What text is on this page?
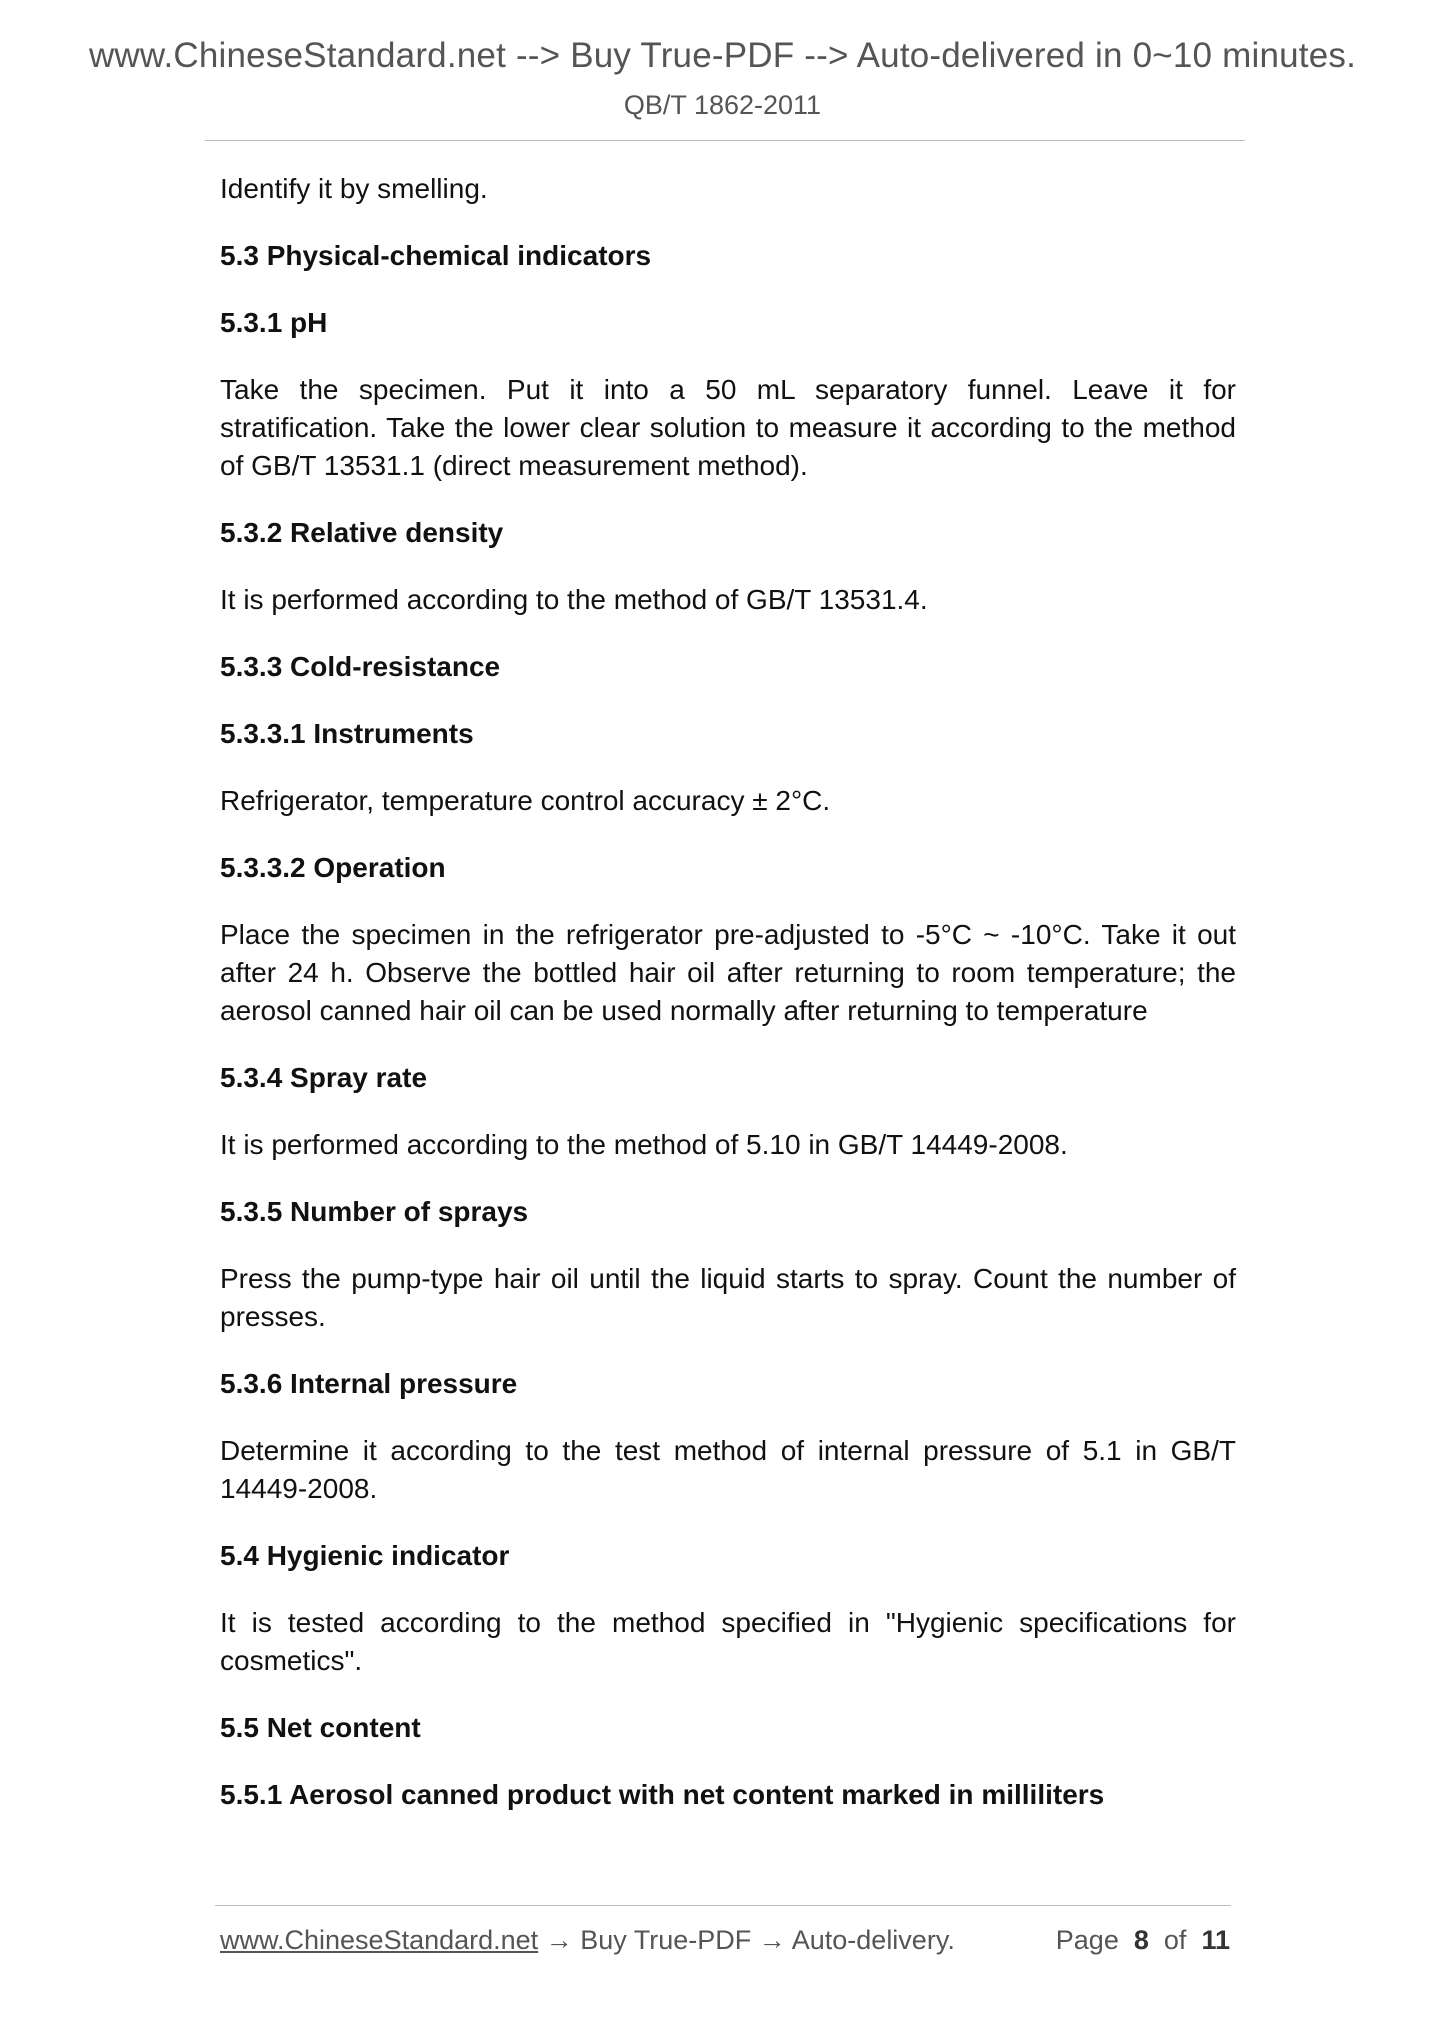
www.ChineseStandard.net --> Buy True-PDF --> Auto-delivered in 0~10 minutes.
QB/T 1862-2011
Identify it by smelling.
5.3 Physical-chemical indicators
5.3.1 pH
Take the specimen. Put it into a 50 mL separatory funnel. Leave it for stratification. Take the lower clear solution to measure it according to the method of GB/T 13531.1 (direct measurement method).
5.3.2 Relative density
It is performed according to the method of GB/T 13531.4.
5.3.3 Cold-resistance
5.3.3.1 Instruments
Refrigerator, temperature control accuracy ± 2°C.
5.3.3.2 Operation
Place the specimen in the refrigerator pre-adjusted to -5°C ~ -10°C. Take it out after 24 h. Observe the bottled hair oil after returning to room temperature; the aerosol canned hair oil can be used normally after returning to temperature
5.3.4 Spray rate
It is performed according to the method of 5.10 in GB/T 14449-2008.
5.3.5 Number of sprays
Press the pump-type hair oil until the liquid starts to spray. Count the number of presses.
5.3.6 Internal pressure
Determine it according to the test method of internal pressure of 5.1 in GB/T 14449-2008.
5.4 Hygienic indicator
It is tested according to the method specified in "Hygienic specifications for cosmetics".
5.5 Net content
5.5.1 Aerosol canned product with net content marked in milliliters
www.ChineseStandard.net → Buy True-PDF → Auto-delivery.	Page 8 of 11
